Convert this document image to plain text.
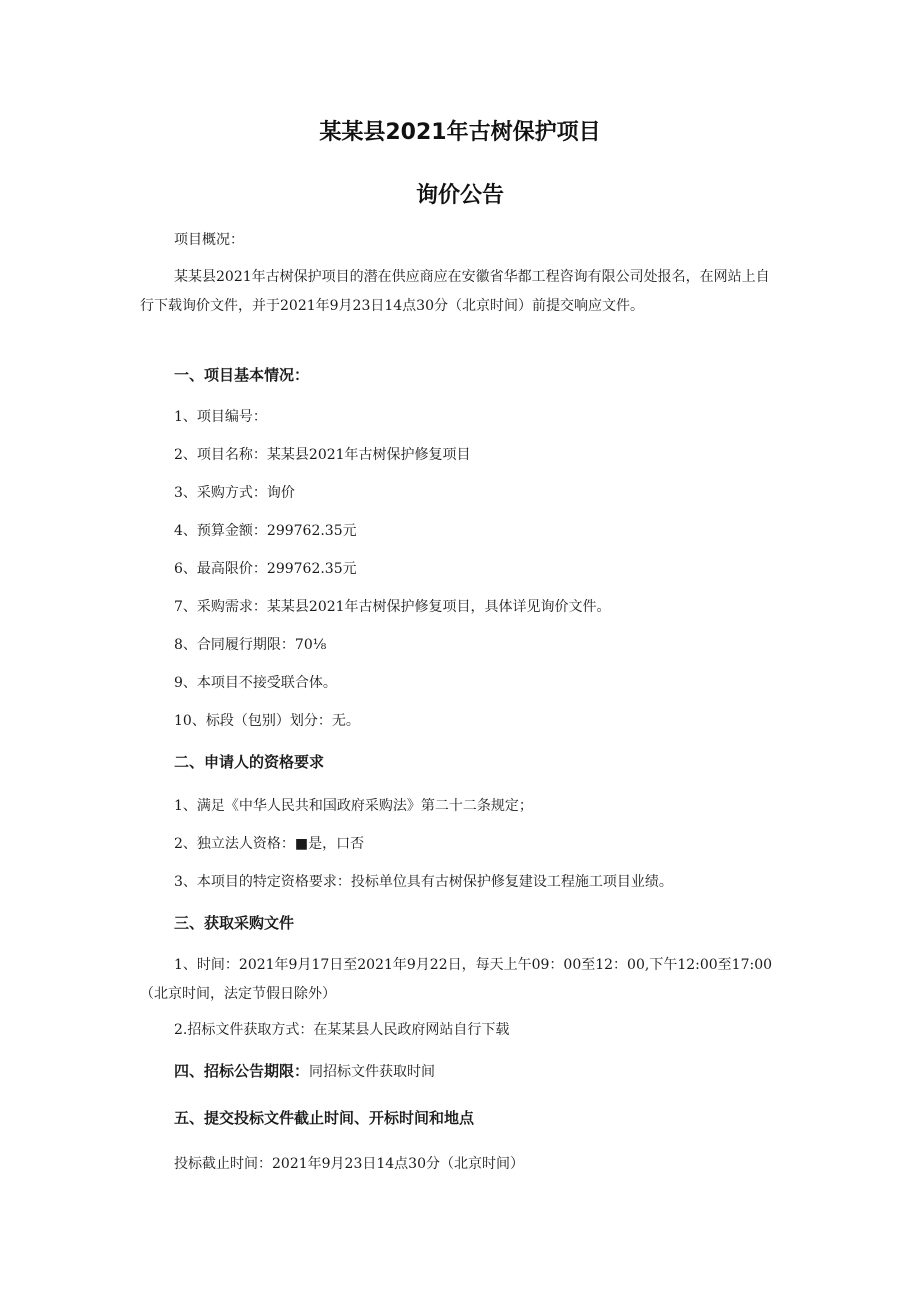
某某县2021年古树保护项目
询价公告
项目概况：
某某县2021年古树保护项目的潜在供应商应在安徽省华都工程咨询有限公司处报名，在网站上自行下载询价文件，并于2021年9月23日14点30分（北京时间）前提交响应文件。
一、项目基本情况：
1、项目编号：
2、项目名称：某某县2021年古树保护修复项目
3、采购方式：询价
4、预算金额：299762.35元
6、最高限价：299762.35元
7、采购需求：某某县2021年古树保护修复项目，具体详见询价文件。
8、合同履行期限：70⅛
9、本项目不接受联合体。
10、标段（包别）划分：无。
二、申请人的资格要求
1、满足《中华人民共和国政府采购法》第二十二条规定；
2、独立法人资格：■是，口否
3、本项目的特定资格要求：投标单位具有古树保护修复建设工程施工项目业绩。
三、获取采购文件
1、时间：2021年9月17日至2021年9月22日，每天上午09：00至12：00,下午12:00至17:00（北京时间，法定节假日除外）
2.招标文件获取方式：在某某县人民政府网站自行下载
四、招标公告期限：同招标文件获取时间
五、提交投标文件截止时间、开标时间和地点
投标截止时间：2021年9月23日14点30分（北京时间）
